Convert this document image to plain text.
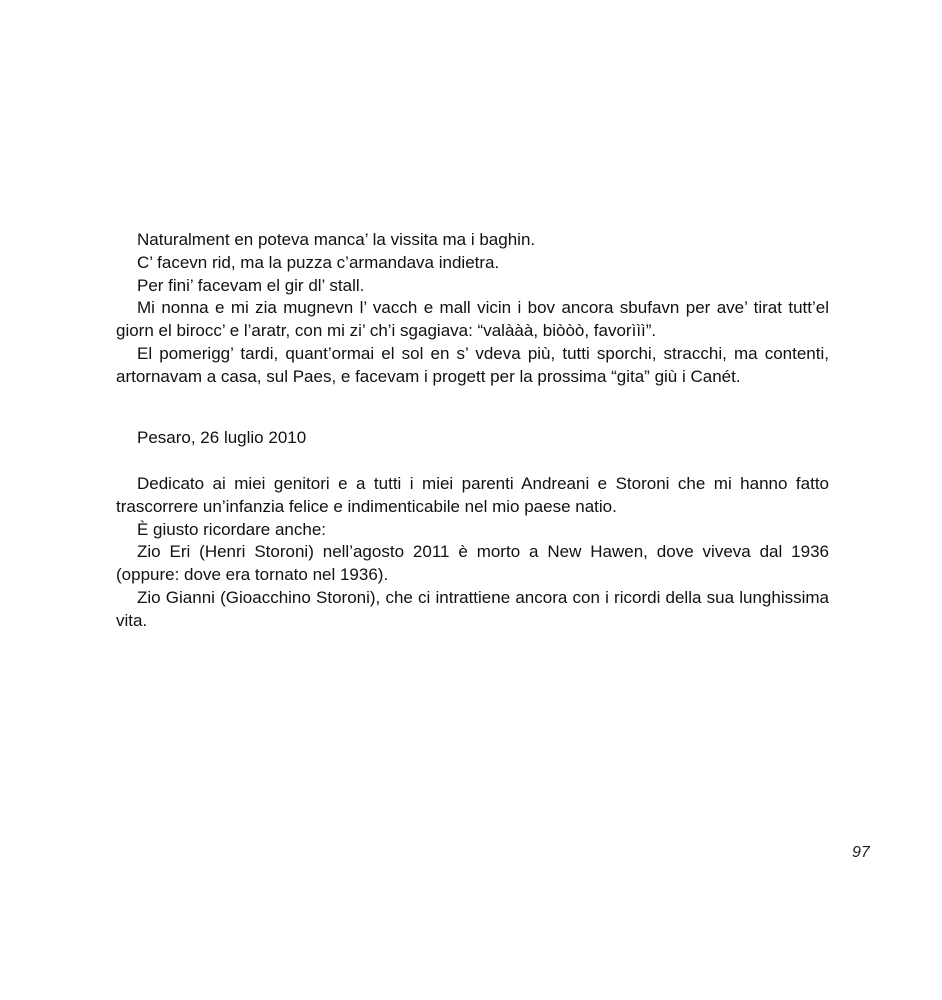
Naturalment en poteva manca’ la vissita ma i baghin.

C’ facevn rid, ma la puzza c’armandava indietra.

Per fini’ facevam el gir dl’ stall.

Mi nonna e mi zia mugnevn l’ vacch e mall vicin i bov ancora sbufavn per ave’ tirat tutt’el giorn el birocc’ e l’aratr, con mi zi’ ch’i sgagiava: “valààà, biòòò, favorììì”.

El pomerigg’ tardi, quant’ormai el sol en s’ vdeva più, tutti sporchi, stracchi, ma contenti, artornavam a casa, sul Paes, e facevam i progett per la prossima “gita” giù i Canét.

Pesaro, 26 luglio 2010

Dedicato ai miei genitori e a tutti i miei parenti Andreani e Storoni che mi hanno fatto trascorrere un’infanzia felice e indimenticabile nel mio paese natio.

È giusto ricordare anche:

Zio Eri (Henri Storoni) nell’agosto 2011 è morto a New Hawen, dove viveva dal 1936 (oppure: dove era tornato nel 1936).

Zio Gianni (Gioacchino Storoni), che ci intrattiene ancora con i ricordi della sua lunghissima vita.

97
